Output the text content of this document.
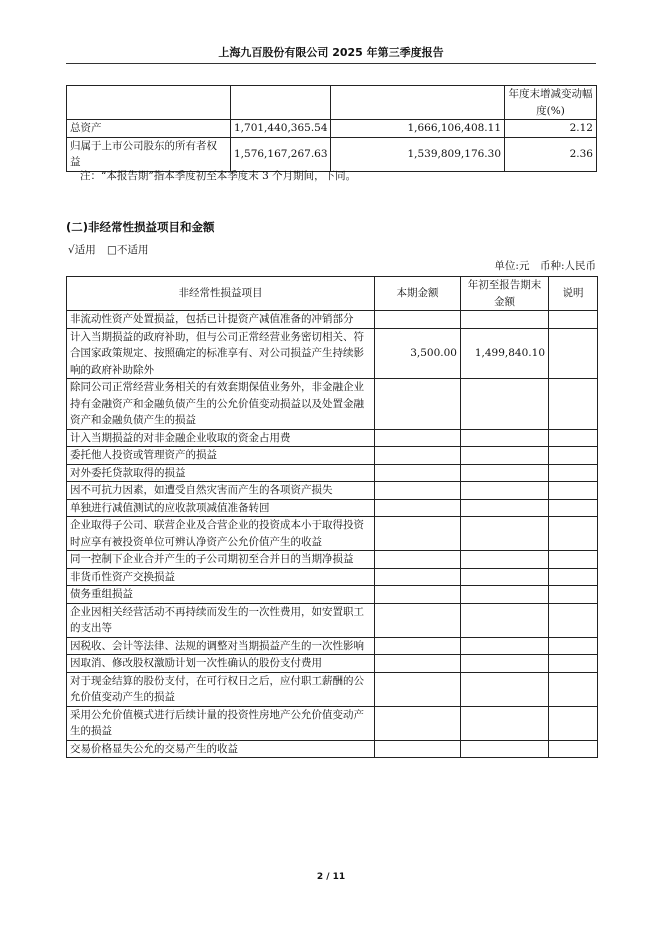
上海九百股份有限公司 2025 年第三季度报告
			年度末增减变动幅度(%)
总资产	1,701,440,365.54	1,666,106,408.11	2.12
归属于上市公司股东的所有者权益	1,576,167,267.63	1,539,809,176.30	2.36
注：“本报告期”指本季度初至本季度末 3 个月期间，下同。
(二)非经常性损益项目和金额
√适用 □不适用
单位:元　币种:人民币
非经常性损益项目	本期金额	年初至报告期末金额	说明
非流动性资产处置损益，包括已计提资产减值准备的冲销部分			
计入当期损益的政府补助，但与公司正常经营业务密切相关、符合国家政策规定、按照确定的标准享有、对公司损益产生持续影响的政府补助除外	3,500.00	1,499,840.10	
除同公司正常经营业务相关的有效套期保值业务外，非金融企业持有金融资产和金融负债产生的公允价值变动损益以及处置金融资产和金融负债产生的损益			
计入当期损益的对非金融企业收取的资金占用费			
委托他人投资或管理资产的损益			
对外委托贷款取得的损益			
因不可抗力因素，如遭受自然灾害而产生的各项资产损失			
单独进行减值测试的应收款项减值准备转回			
企业取得子公司、联营企业及合营企业的投资成本小于取得投资时应享有被投资单位可辨认净资产公允价值产生的收益			
同一控制下企业合并产生的子公司期初至合并日的当期净损益			
非货币性资产交换损益			
债务重组损益			
企业因相关经营活动不再持续而发生的一次性费用，如安置职工的支出等			
因税收、会计等法律、法规的调整对当期损益产生的一次性影响			
因取消、修改股权激励计划一次性确认的股份支付费用			
对于现金结算的股份支付，在可行权日之后，应付职工薪酬的公允价值变动产生的损益			
采用公允价值模式进行后续计量的投资性房地产公允价值变动产生的损益			
交易价格显失公允的交易产生的收益			
2 / 11
